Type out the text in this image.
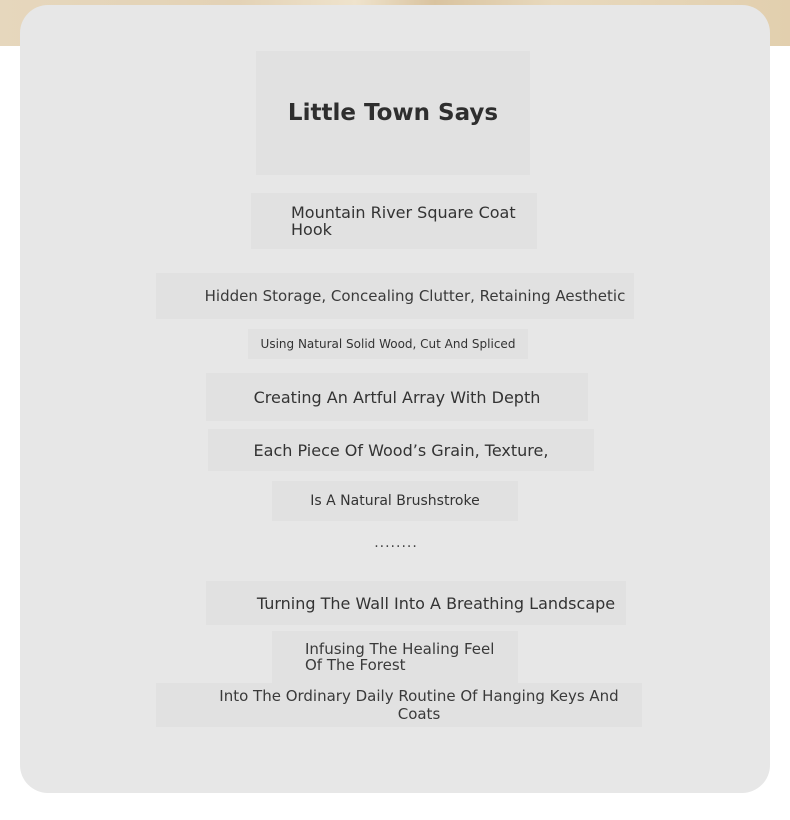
Little Town Says
Mountain River Square Coat Hook
Hidden Storage, Concealing Clutter, Retaining Aesthetic
Using Natural Solid Wood, Cut And Spliced
Creating An Artful Array With Depth
Each Piece Of Wood’s Grain, Texture,
Is A Natural Brushstroke
········
Turning The Wall Into A Breathing Landscape
Infusing The Healing Feel Of The Forest
Into The Ordinary Daily Routine Of Hanging Keys And Coats
